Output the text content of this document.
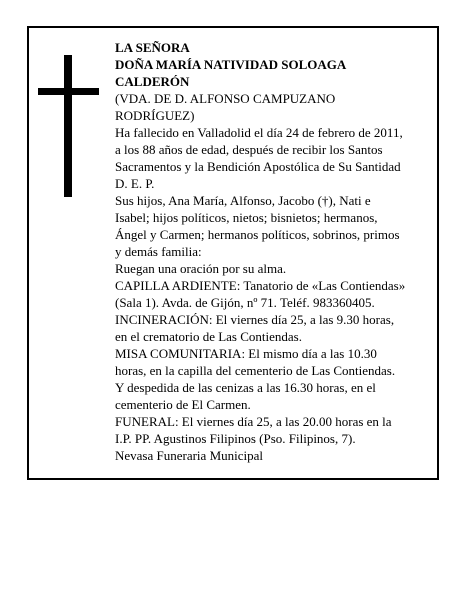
LA SEÑORA
DOÑA MARÍA NATIVIDAD SOLOAGA
CALDERÓN
(VDA. DE D. ALFONSO CAMPUZANO
RODRÍGUEZ)
Ha fallecido en Valladolid el día 24 de febrero de 2011,
a los 88 años de edad, después de recibir los Santos
Sacramentos y la Bendición Apostólica de Su Santidad
D. E. P.
Sus hijos, Ana María, Alfonso, Jacobo (†), Nati e
Isabel; hijos políticos, nietos; bisnietos; hermanos,
Ángel y Carmen; hermanos políticos, sobrinos, primos
y demás familia:
Ruegan una oración por su alma.
CAPILLA ARDIENTE: Tanatorio de «Las Contiendas»
(Sala 1). Avda. de Gijón, nº 71. Teléf. 983360405.
INCINERACIÓN: El viernes día 25, a las 9.30 horas,
en el crematorio de Las Contiendas.
MISA COMUNITARIA: El mismo día a las 10.30
horas, en la capilla del cementerio de Las Contiendas.
Y despedida de las cenizas a las 16.30 horas, en el
cementerio de El Carmen.
FUNERAL: El viernes día 25, a las 20.00 horas en la
I.P. PP. Agustinos Filipinos (Pso. Filipinos, 7).
Nevasa Funeraria Municipal
